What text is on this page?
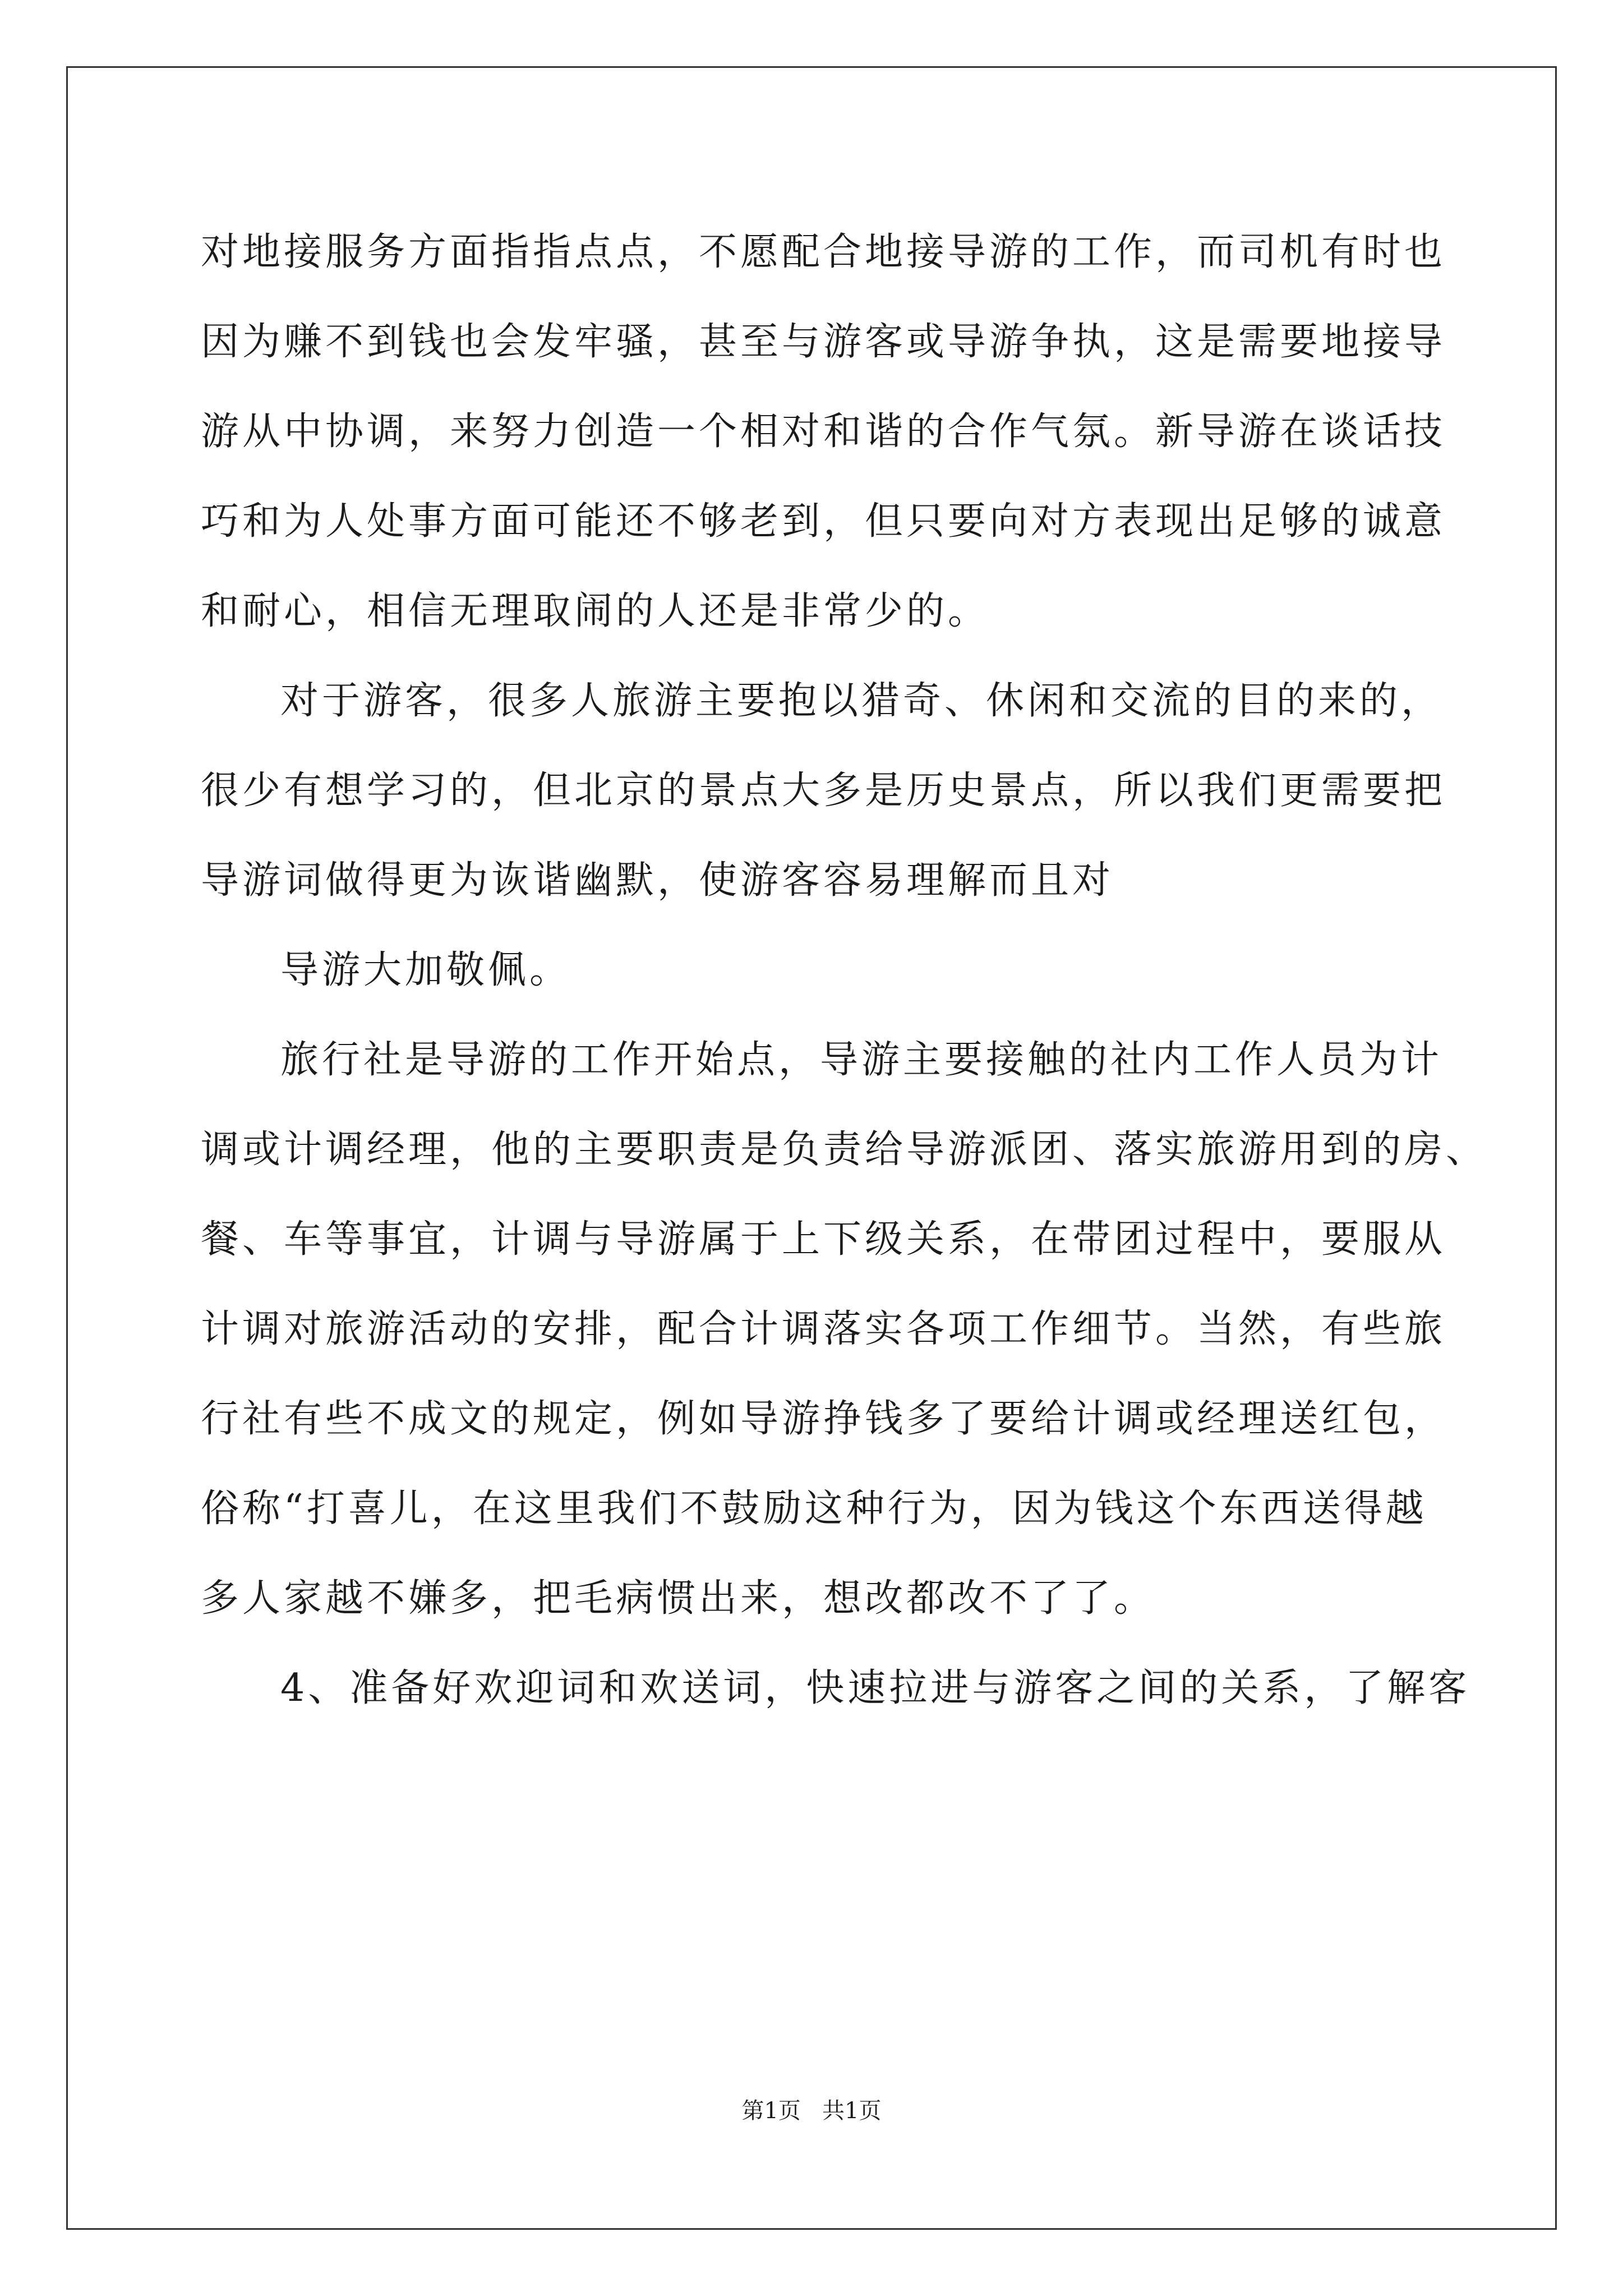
对地接服务方面指指点点，不愿配合地接导游的工作，而司机有时也
因为赚不到钱也会发牢骚，甚至与游客或导游争执，这是需要地接导
游从中协调，来努力创造一个相对和谐的合作气氛。新导游在谈话技
巧和为人处事方面可能还不够老到，但只要向对方表现出足够的诚意
和耐心，相信无理取闹的人还是非常少的。
对于游客，很多人旅游主要抱以猎奇、休闲和交流的目的来的，
很少有想学习的，但北京的景点大多是历史景点，所以我们更需要把
导游词做得更为诙谐幽默，使游客容易理解而且对
导游大加敬佩。
旅行社是导游的工作开始点，导游主要接触的社内工作人员为计
调或计调经理，他的主要职责是负责给导游派团、落实旅游用到的房、
餐、车等事宜，计调与导游属于上下级关系，在带团过程中，要服从
计调对旅游活动的安排，配合计调落实各项工作细节。当然，有些旅
行社有些不成文的规定，例如导游挣钱多了要给计调或经理送红包，
俗称“打喜儿，在这里我们不鼓励这种行为，因为钱这个东西送得越
多人家越不嫌多，把毛病惯出来，想改都改不了了。
4、准备好欢迎词和欢送词，快速拉进与游客之间的关系，了解客
第1页   共1页
